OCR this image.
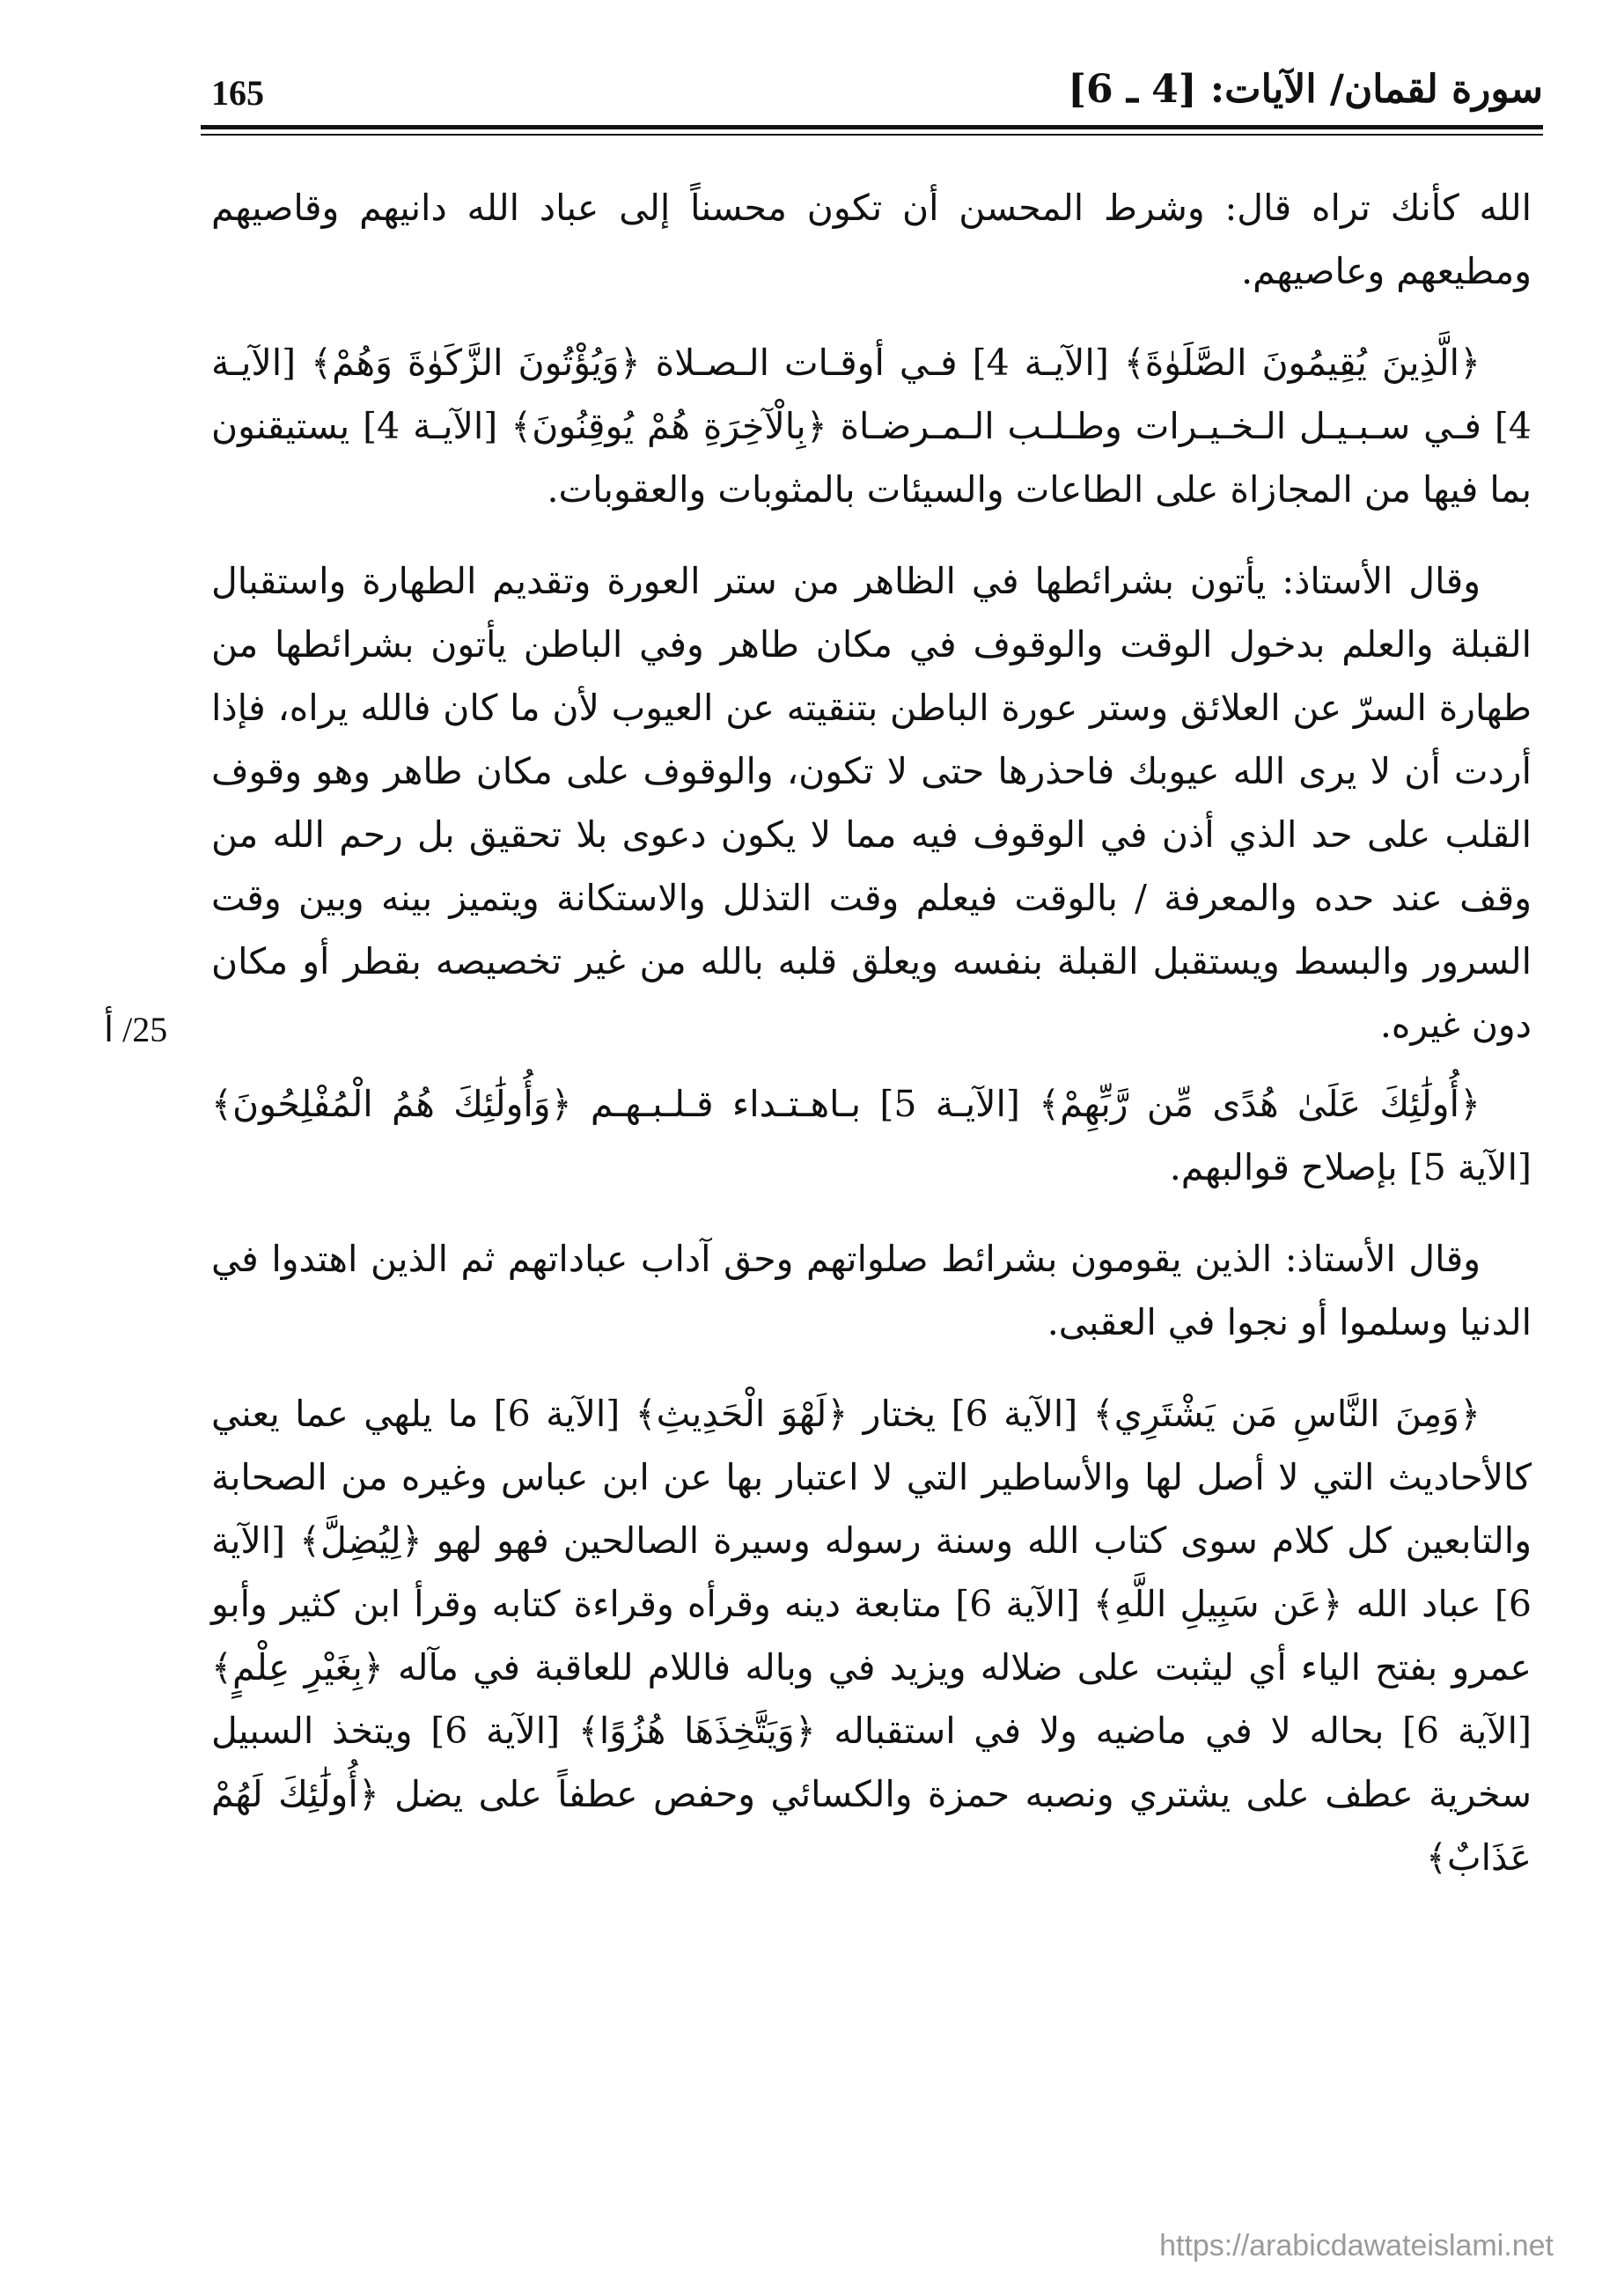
165	سورة لقمان/ الآيات: [4 ـ 6]
25/ أ

الله كأنك تراه قال: وشرط المحسن أن تكون محسناً إلى عباد الله دانيهم وقاصيهم ومطيعهم وعاصيهم.

﴿الَّذِينَ يُقِيمُونَ الصَّلَوٰةَ﴾ [الآيـة 4] فـي أوقـات الـصـلاة ﴿وَيُؤْتُونَ الزَّكَوٰةَ وَهُمْ﴾ [الآيـة 4] فـي سـبـيـل الـخـيـرات وطـلـب الـمـرضـاة ﴿بِالْآخِرَةِ هُمْ يُوقِنُونَ﴾ [الآيـة 4] يستيقنون بما فيها من المجازاة على الطاعات والسيئات بالمثوبات والعقوبات.

وقال الأستاذ: يأتون بشرائطها في الظاهر من ستر العورة وتقديم الطهارة واستقبال القبلة والعلم بدخول الوقت والوقوف في مكان طاهر وفي الباطن يأتون بشرائطها من طهارة السرّ عن العلائق وستر عورة الباطن بتنقيته عن العيوب لأن ما كان فالله يراه، فإذا أردت أن لا يرى الله عيوبك فاحذرها حتى لا تكون، والوقوف على مكان طاهر وهو وقوف القلب على حد الذي أذن في الوقوف فيه مما لا يكون دعوى بلا تحقيق بل رحم الله من وقف عند حده والمعرفة / بالوقت فيعلم وقت التذلل والاستكانة ويتميز بينه وبين وقت السرور والبسط ويستقبل القبلة بنفسه ويعلق قلبه بالله من غير تخصيصه بقطر أو مكان دون غيره.

﴿أُولَٰئِكَ عَلَىٰ هُدًى مِّن رَّبِّهِمْ﴾ [الآيـة 5] بـاهـتـداء قـلـبـهـم ﴿وَأُولَٰئِكَ هُمُ الْمُفْلِحُونَ﴾ [الآية 5] بإصلاح قوالبهم.

وقال الأستاذ: الذين يقومون بشرائط صلواتهم وحق آداب عباداتهم ثم الذين اهتدوا في الدنيا وسلموا أو نجوا في العقبى.

﴿وَمِنَ النَّاسِ مَن يَشْتَرِي﴾ [الآية 6] يختار ﴿لَهْوَ الْحَدِيثِ﴾ [الآية 6] ما يلهي عما يعني كالأحاديث التي لا أصل لها والأساطير التي لا اعتبار بها عن ابن عباس وغيره من الصحابة والتابعين كل كلام سوى كتاب الله وسنة رسوله وسيرة الصالحين فهو لهو ﴿لِيُضِلَّ﴾ [الآية 6] عباد الله ﴿عَن سَبِيلِ اللَّهِ﴾ [الآية 6] متابعة دينه وقرأه وقراءة كتابه وقرأ ابن كثير وأبو عمرو بفتح الياء أي ليثبت على ضلاله ويزيد في وباله فاللام للعاقبة في مآله ﴿بِغَيْرِ عِلْمٍ﴾ [الآية 6] بحاله لا في ماضيه ولا في استقباله ﴿وَيَتَّخِذَهَا هُزُوًا﴾ [الآية 6] ويتخذ السبيل سخرية عطف على يشتري ونصبه حمزة والكسائي وحفص عطفاً على يضل ﴿أُولَٰئِكَ لَهُمْ عَذَابٌ﴾

https://arabicdawateislami.net
